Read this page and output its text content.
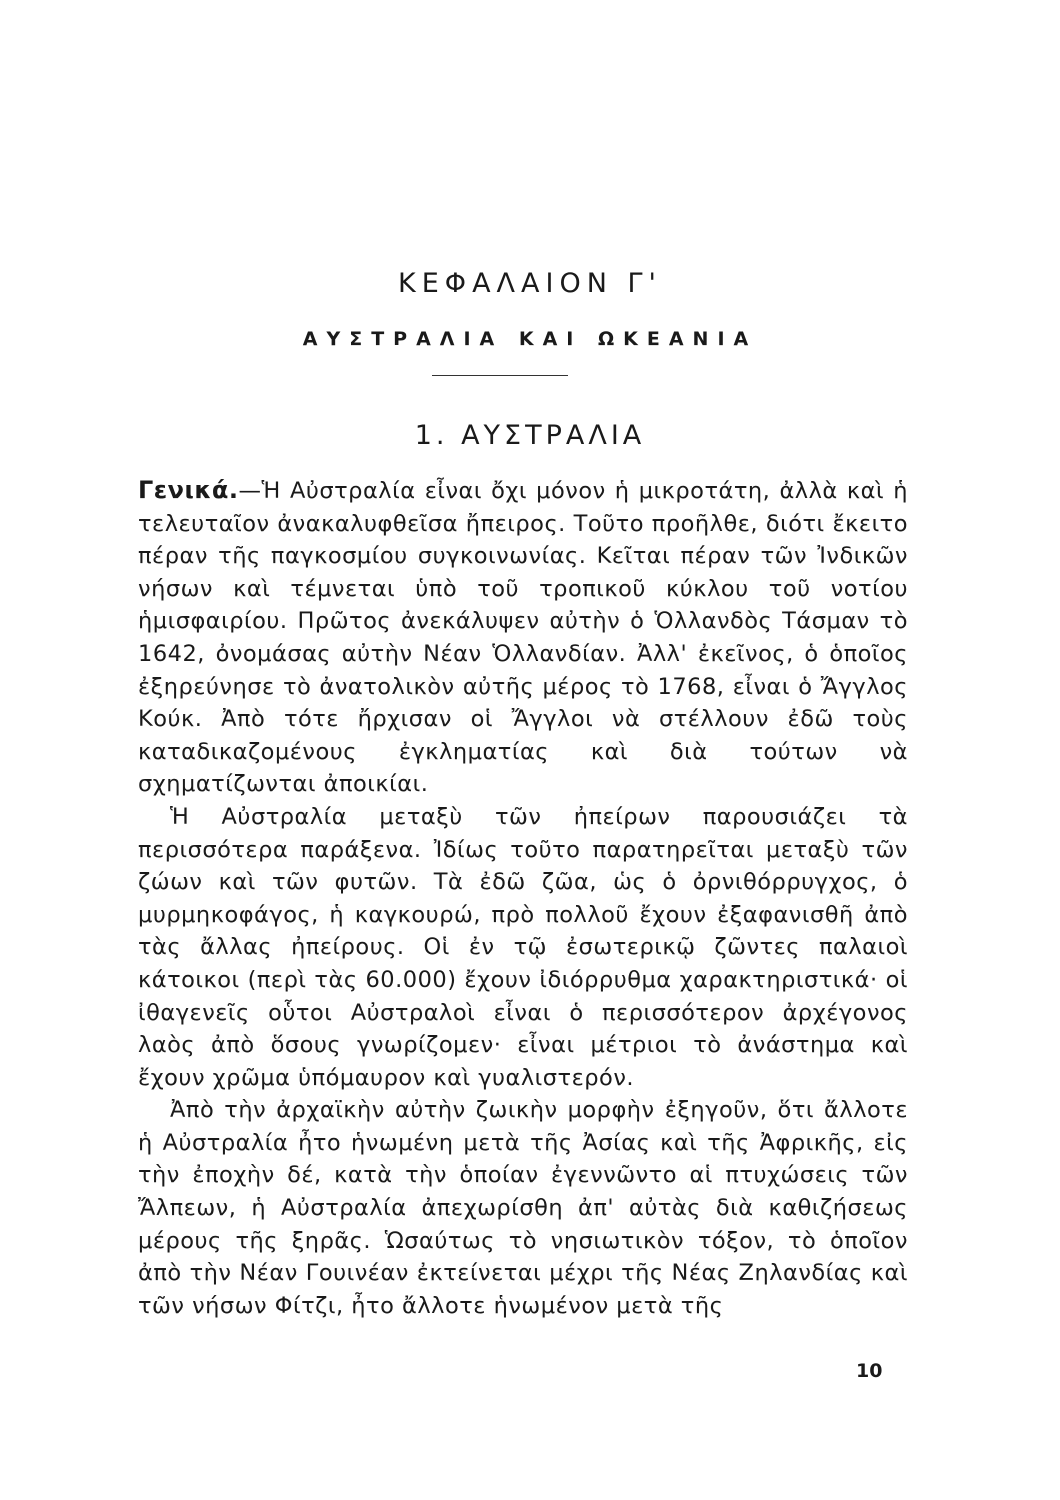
ΚΕΦΑΛΑΙΟΝ Γ'
ΑΥΣΤΡΑΛΙΑ ΚΑΙ ΩΚΕΑΝΙΑ
1. ΑΥΣΤΡΑΛΙΑ

Γενικά.—Ἡ Αὐστραλία εἶναι ὄχι μόνον ἡ μικροτάτη, ἀλλὰ καὶ ἡ τελευταῖον ἀνακαλυφθεῖσα ἤπειρος. Τοῦτο προῆλθε, διότι ἔκειτο πέραν τῆς παγκοσμίου συγκοινωνίας. Κεῖται πέραν τῶν Ἰνδικῶν νήσων καὶ τέμνεται ὑπὸ τοῦ τροπικοῦ κύκλου τοῦ νοτίου ἡμισφαιρίου. Πρῶτος ἀνεκάλυψεν αὐτὴν ὁ Ὁλλανδὸς Τάσμαν τὸ 1642, ὀνομάσας αὐτὴν Νέαν Ὁλλανδίαν. Ἀλλ' ἐκεῖνος, ὁ ὁποῖος ἐξηρεύνησε τὸ ἀνατολικὸν αὐτῆς μέρος τὸ 1768, εἶναι ὁ Ἄγγλος Κούκ. Ἀπὸ τότε ἤρχισαν οἱ Ἄγγλοι νὰ στέλλουν ἐδῶ τοὺς καταδικαζομένους ἐγκληματίας καὶ διὰ τούτων νὰ σχηματίζωνται ἀποικίαι.

Ἡ Αὐστραλία μεταξὺ τῶν ἠπείρων παρουσιάζει τὰ περισσότερα παράξενα. Ἰδίως τοῦτο παρατηρεῖται μεταξὺ τῶν ζώων καὶ τῶν φυτῶν. Τὰ ἐδῶ ζῶα, ὡς ὁ ὀρνιθόρρυγχος, ὁ μυρμηκοφάγος, ἡ καγκουρώ, πρὸ πολλοῦ ἔχουν ἐξαφανισθῆ ἀπὸ τὰς ἄλλας ἠπείρους. Οἱ ἐν τῷ ἐσωτερικῷ ζῶντες παλαιοὶ κάτοικοι (περὶ τὰς 60.000) ἔχουν ἰδιόρρυθμα χαρακτηριστικά· οἱ ἰθαγενεῖς οὗτοι Αὐστραλοὶ εἶναι ὁ περισσότερον ἀρχέγονος λαὸς ἀπὸ ὅσους γνωρίζομεν· εἶναι μέτριοι τὸ ἀνάστημα καὶ ἔχουν χρῶμα ὑπόμαυρον καὶ γυαλιστερόν.

Ἀπὸ τὴν ἀρχαϊκὴν αὐτὴν ζωικὴν μορφὴν ἐξηγοῦν, ὅτι ἄλλοτε ἡ Αὐστραλία ἦτο ἡνωμένη μετὰ τῆς Ἀσίας καὶ τῆς Ἀφρικῆς, εἰς τὴν ἐποχὴν δέ, κατὰ τὴν ὁποίαν ἐγεννῶντο αἱ πτυχώσεις τῶν Ἄλπεων, ἡ Αὐστραλία ἀπεχωρίσθη ἀπ' αὐτὰς διὰ καθιζήσεως μέρους τῆς ξηρᾶς. Ὡσαύτως τὸ νησιωτικὸν τόξον, τὸ ὁποῖον ἀπὸ τὴν Νέαν Γουινέαν ἐκτείνεται μέχρι τῆς Νέας Ζηλανδίας καὶ τῶν νήσων Φίτζι, ἦτο ἄλλοτε ἡνωμένον μετὰ τῆς

10
